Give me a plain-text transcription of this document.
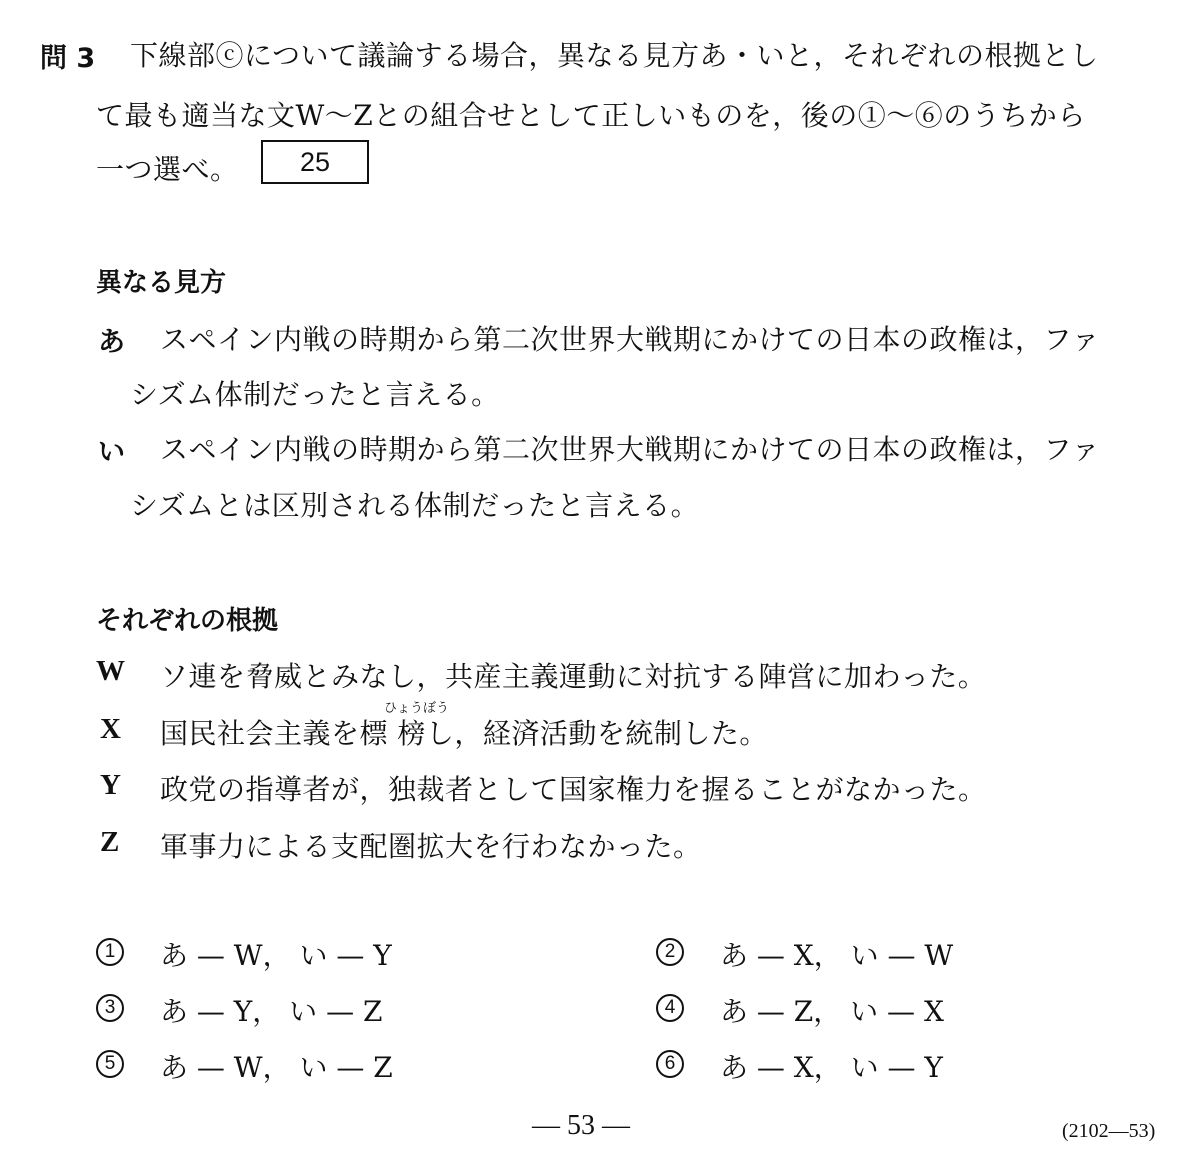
問 3 下線部ⓒについて議論する場合，異なる見方あ・いと，それぞれの根拠とし
て最も適当な文W～Zとの組合せとして正しいものを，後の①～⑥のうちから
一つ選べ。	25
異なる見方
あ スペイン内戦の時期から第二次世界大戦期にかけての日本の政権は，ファ
シズム体制だったと言える。
い スペイン内戦の時期から第二次世界大戦期にかけての日本の政権は，ファ
シズムとは区別される体制だったと言える。
それぞれの根拠
W ソ連を脅威とみなし，共産主義運動に対抗する陣営に加わった。
ひょうぼう
X 国民社会主義を標 榜し，経済活動を統制した。
Y 政党の指導者が，独裁者として国家権力を握ることがなかった。
Z 軍事力による支配圏拡大を行わなかった。
1	あ — W， い — Y	2	あ — X， い — W
3	あ — Y， い — Z	4	あ — Z， い — X
5	あ — W， い — Z	6	あ — X， い — Y
— 53 —	(2102—53)
